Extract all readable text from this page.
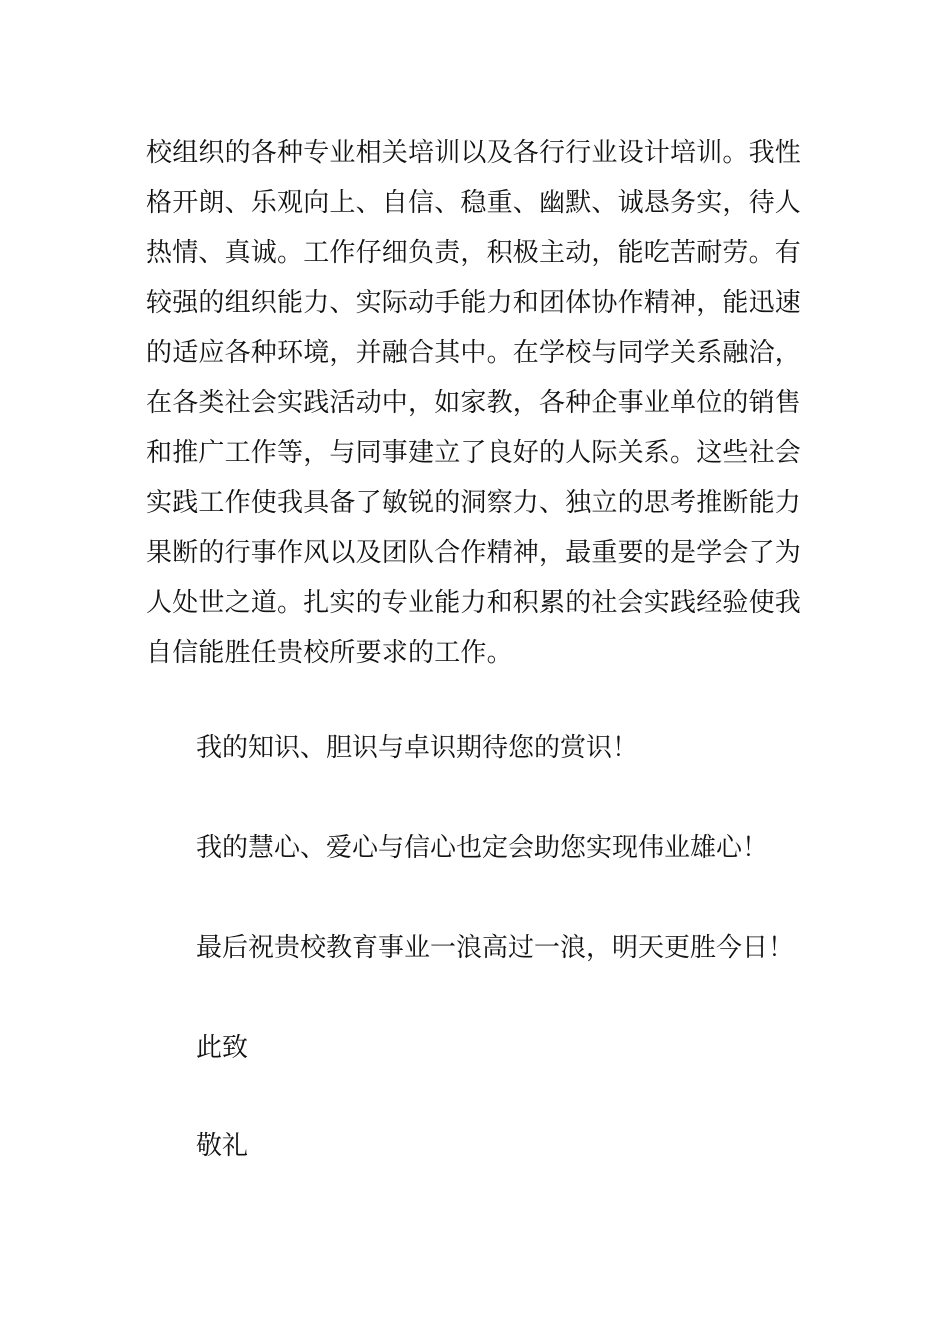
校组织的各种专业相关培训以及各行行业设计培训。我性
格开朗、乐观向上、自信、稳重、幽默、诚恳务实，待人
热情、真诚。工作仔细负责，积极主动，能吃苦耐劳。有
较强的组织能力、实际动手能力和团体协作精神，能迅速
的适应各种环境，并融合其中。在学校与同学关系融洽，
在各类社会实践活动中，如家教，各种企事业单位的销售
和推广工作等，与同事建立了良好的人际关系。这些社会
实践工作使我具备了敏锐的洞察力、独立的思考推断能力
果断的行事作风以及团队合作精神，最重要的是学会了为
人处世之道。扎实的专业能力和积累的社会实践经验使我
自信能胜任贵校所要求的工作。
我的知识、胆识与卓识期待您的赏识！
我的慧心、爱心与信心也定会助您实现伟业雄心！
最后祝贵校教育事业一浪高过一浪，明天更胜今日！
此致
敬礼
